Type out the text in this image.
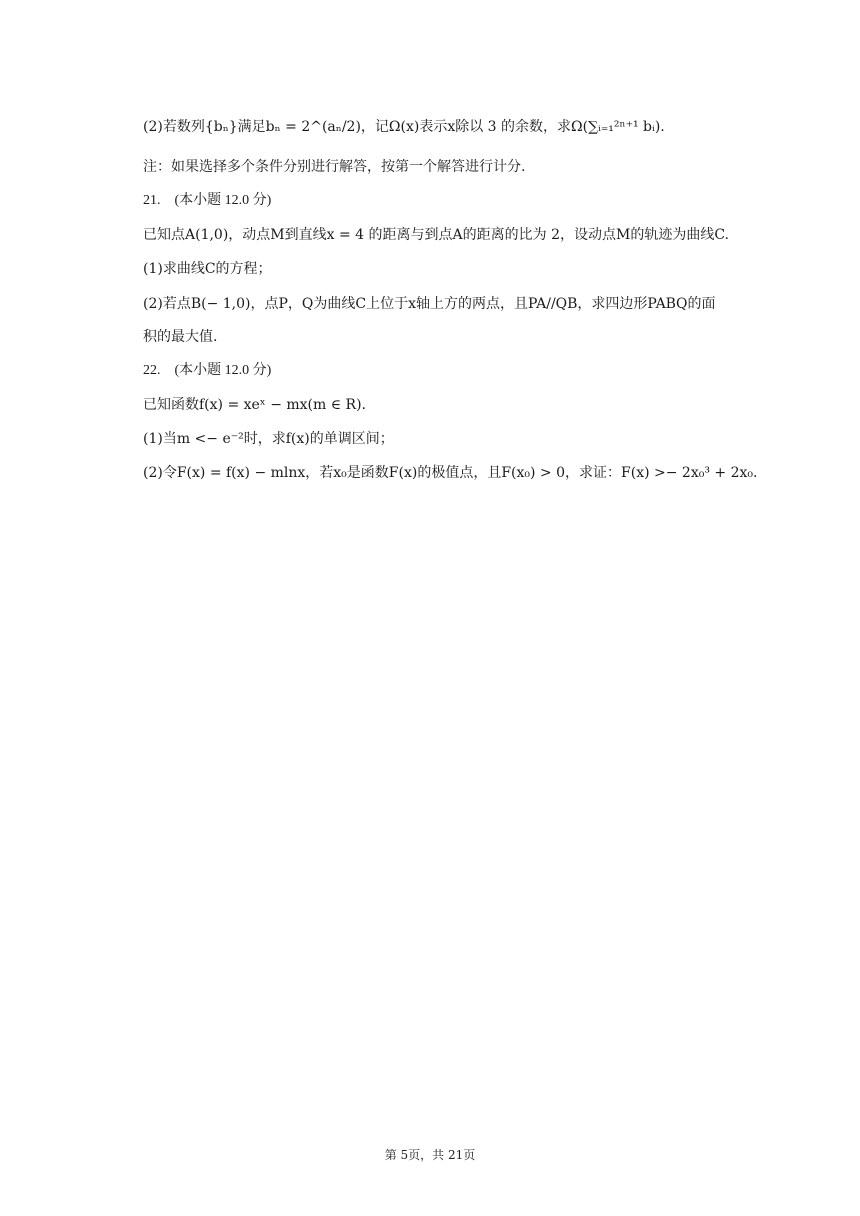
(2)若数列{bₙ}满足bₙ = 2^(aₙ/2)，记Ω(x)表示x除以 3 的余数，求Ω(∑ᵢ₌₁²ⁿ⁺¹ bᵢ).
注：如果选择多个条件分别进行解答，按第一个解答进行计分.
21.　(本小题 12.0 分)
已知点A(1,0)，动点M到直线x = 4 的距离与到点A的距离的比为 2，设动点M的轨迹为曲线C.
(1)求曲线C的方程；
(2)若点B(− 1,0)，点P，Q为曲线C上位于x轴上方的两点，且PA//QB，求四边形PABQ的面
积的最大值.
22.　(本小题 12.0 分)
已知函数f(x) = xeˣ − mx(m ∈ R).
(1)当m <− e⁻²时，求f(x)的单调区间；
(2)令F(x) = f(x) − mlnx，若x₀是函数F(x)的极值点，且F(x₀) > 0，求证：F(x) >− 2x₀³ + 2x₀.
第 5页，共 21页
